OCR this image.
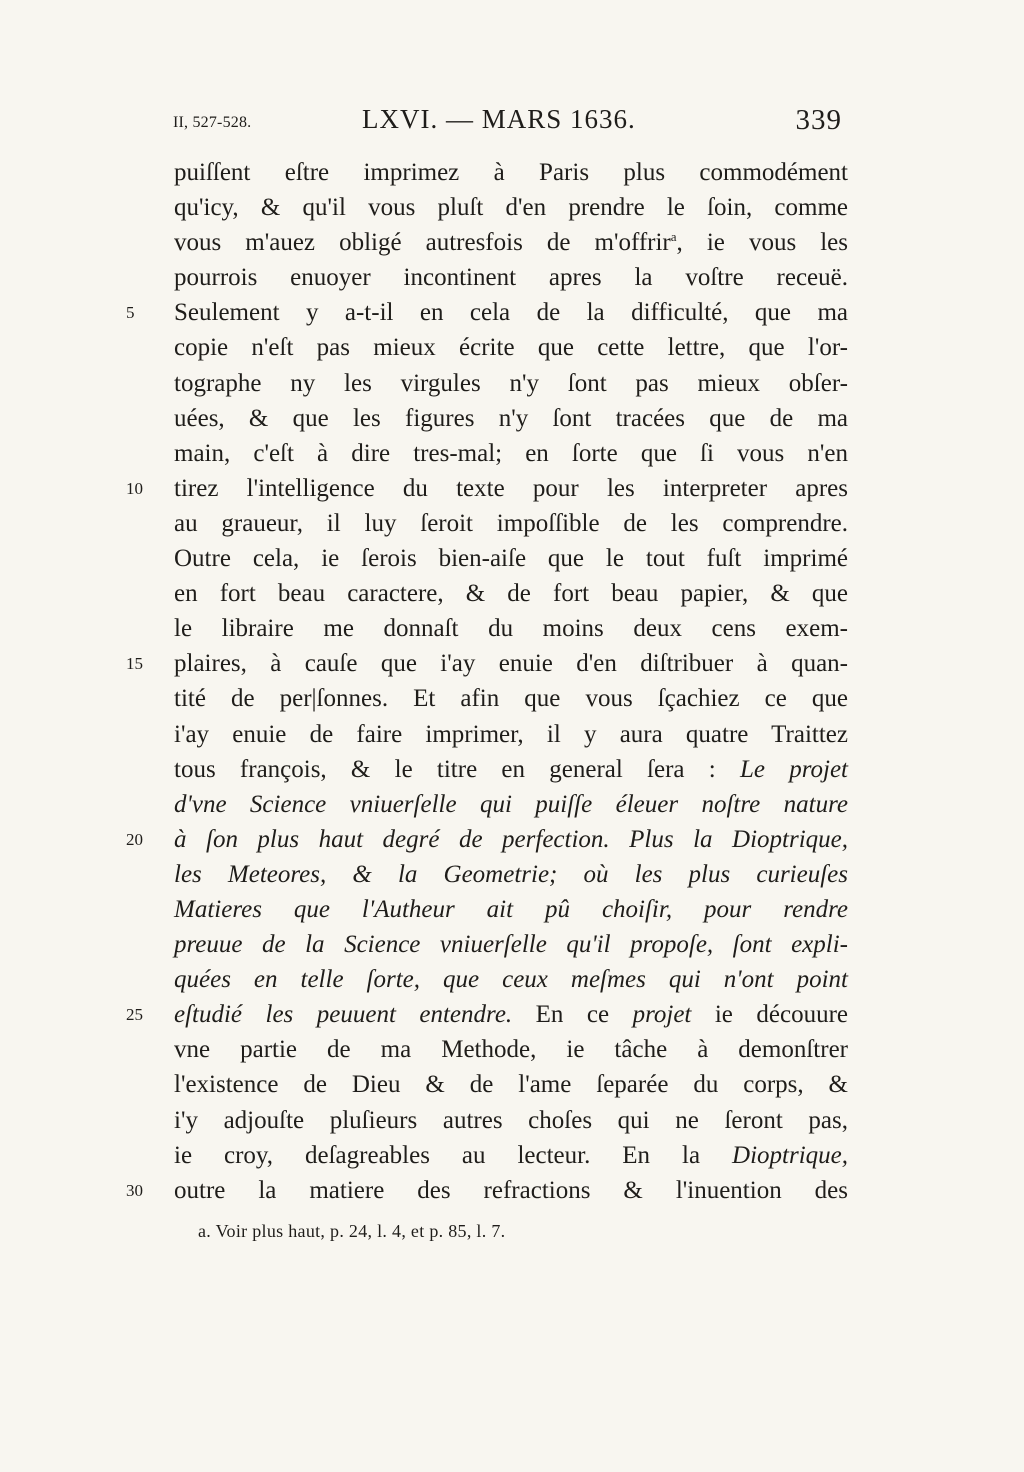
II, 527-528.	LXVI. — MARS 1636.	339
puiſſent eſtre imprimez à Paris plus commodément
qu'icy, & qu'il vous pluſt d'en prendre le ſoin, comme
vous m'auez obligé autresfois de m'offrir$^a$, ie vous les
pourrois enuoyer incontinent apres la voſtre receuë.
5	Seulement y a-t-il en cela de la difficulté, que ma
copie n'eſt pas mieux écrite que cette lettre, que l'or-
tographe ny les virgules n'y ſont pas mieux obſer-
uées, & que les figures n'y ſont tracées que de ma
main, c'eſt à dire tres-mal; en ſorte que ſi vous n'en
10	tirez l'intelligence du texte pour les interpreter apres
au graueur, il luy ſeroit impoſſible de les comprendre.
Outre cela, ie ſerois bien-aiſe que le tout fuſt imprimé
en fort beau caractere, & de fort beau papier, & que
le libraire me donnaſt du moins deux cens exem-
15	plaires, à cauſe que i'ay enuie d'en diſtribuer à quan-
tité de per|ſonnes. Et afin que vous ſçachiez ce que
i'ay enuie de faire imprimer, il y aura quatre Traittez
tous françois, & le titre en general ſera : Le projet
d'vne Science vniuerſelle qui puiſſe éleuer noſtre nature
20	à ſon plus haut degré de perfection. Plus la Dioptrique,
les Meteores, & la Geometrie; où les plus curieuſes
Matieres que l'Autheur ait pû choiſir, pour rendre
preuue de la Science vniuerſelle qu'il propoſe, ſont expli-
quées en telle ſorte, que ceux meſmes qui n'ont point
25	eſtudié les peuuent entendre. En ce projet ie découure
vne partie de ma Methode, ie tâche à demonſtrer
l'existence de Dieu & de l'ame ſeparée du corps, &
i'y adjouſte pluſieurs autres choſes qui ne ſeront pas,
ie croy, deſagreables au lecteur. En la Dioptrique,
30	outre la matiere des refractions & l'inuention des
a. Voir plus haut, p. 24, l. 4, et p. 85, l. 7.
